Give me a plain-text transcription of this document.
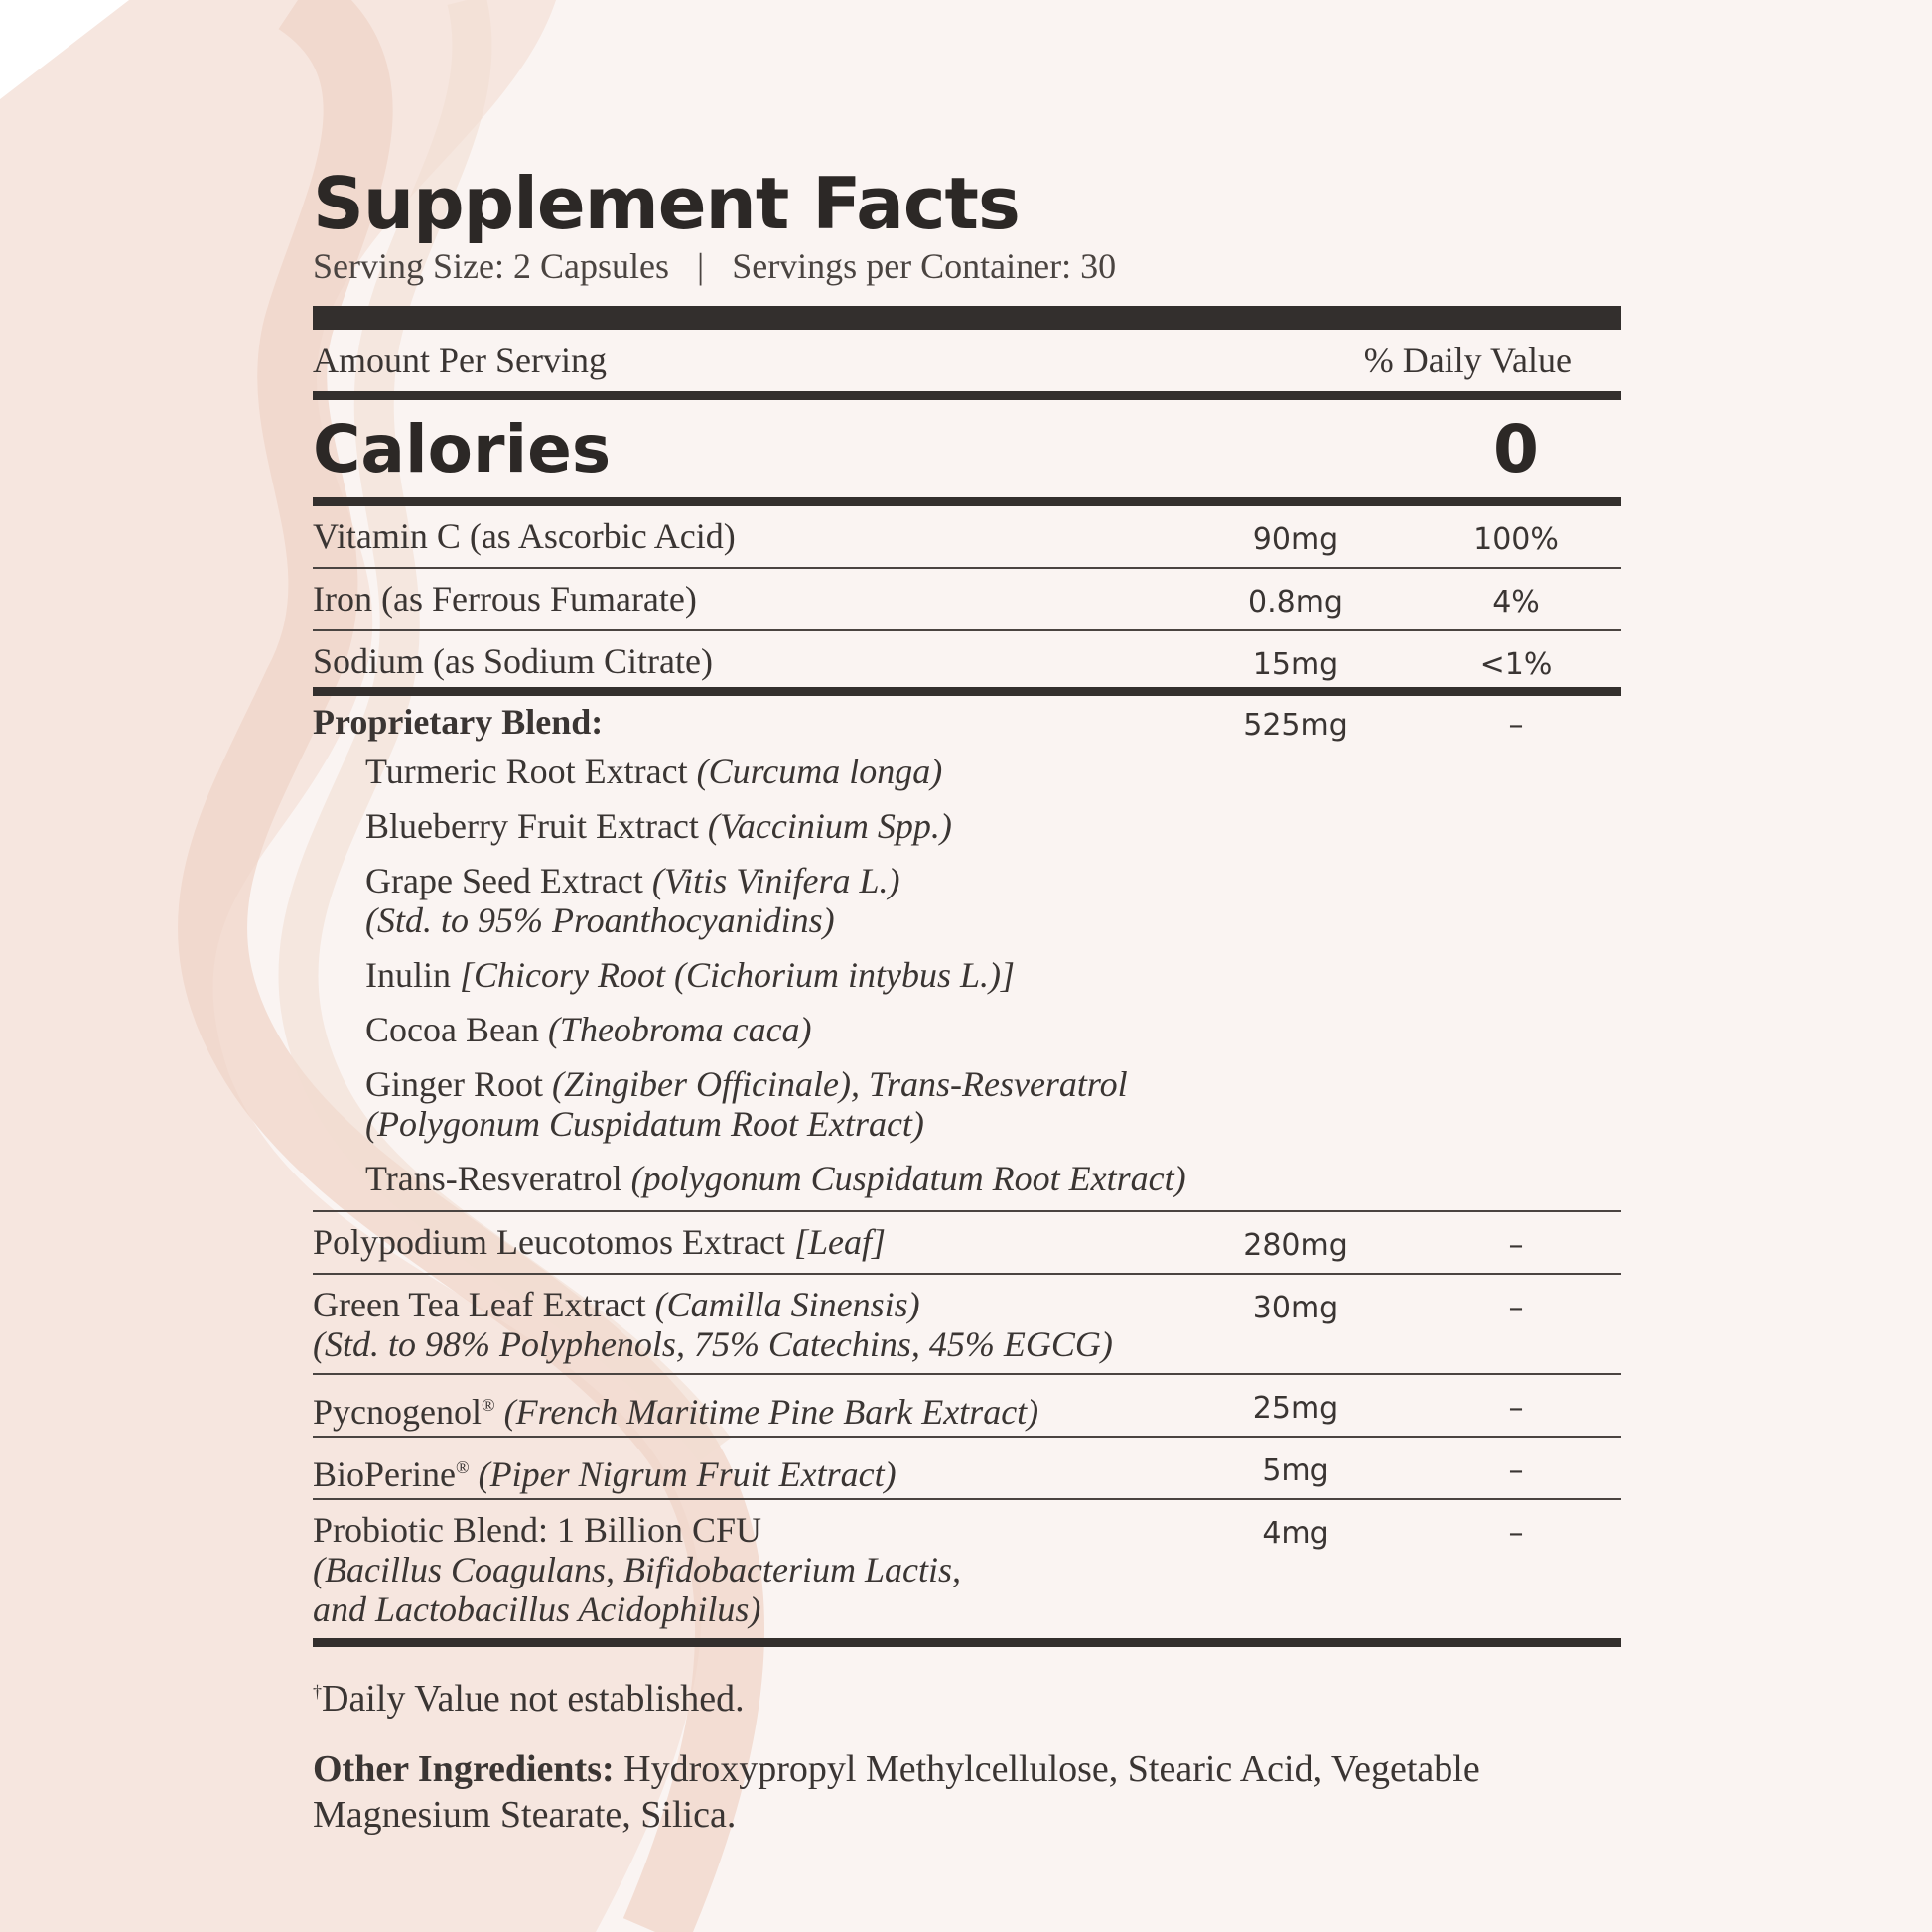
Supplement Facts
Serving Size: 2 Capsules | Servings per Container: 30
Amount Per Serving	% Daily Value
Calories	0
Vitamin C (as Ascorbic Acid)	90mg	100%
Iron (as Ferrous Fumarate)	0.8mg	4%
Sodium (as Sodium Citrate)	15mg	<1%
Proprietary Blend:	525mg	–
Turmeric Root Extract (Curcuma longa)
Blueberry Fruit Extract (Vaccinium Spp.)
Grape Seed Extract (Vitis Vinifera L.)
(Std. to 95% Proanthocyanidins)
Inulin [Chicory Root (Cichorium intybus L.)]
Cocoa Bean (Theobroma caca)
Ginger Root (Zingiber Officinale), Trans-Resveratrol
(Polygonum Cuspidatum Root Extract)
Trans-Resveratrol (polygonum Cuspidatum Root Extract)
Polypodium Leucotomos Extract [Leaf]	280mg	–
Green Tea Leaf Extract (Camilla Sinensis)
(Std. to 98% Polyphenols, 75% Catechins, 45% EGCG)
30mg	–
Pycnogenol® (French Maritime Pine Bark Extract)	25mg	–
BioPerine® (Piper Nigrum Fruit Extract)	5mg	–
Probiotic Blend: 1 Billion CFU
(Bacillus Coagulans, Bifidobacterium Lactis,
and Lactobacillus Acidophilus)
4mg	–
†Daily Value not established.
Other Ingredients: Hydroxypropyl Methylcellulose, Stearic Acid, Vegetable Magnesium Stearate, Silica.
